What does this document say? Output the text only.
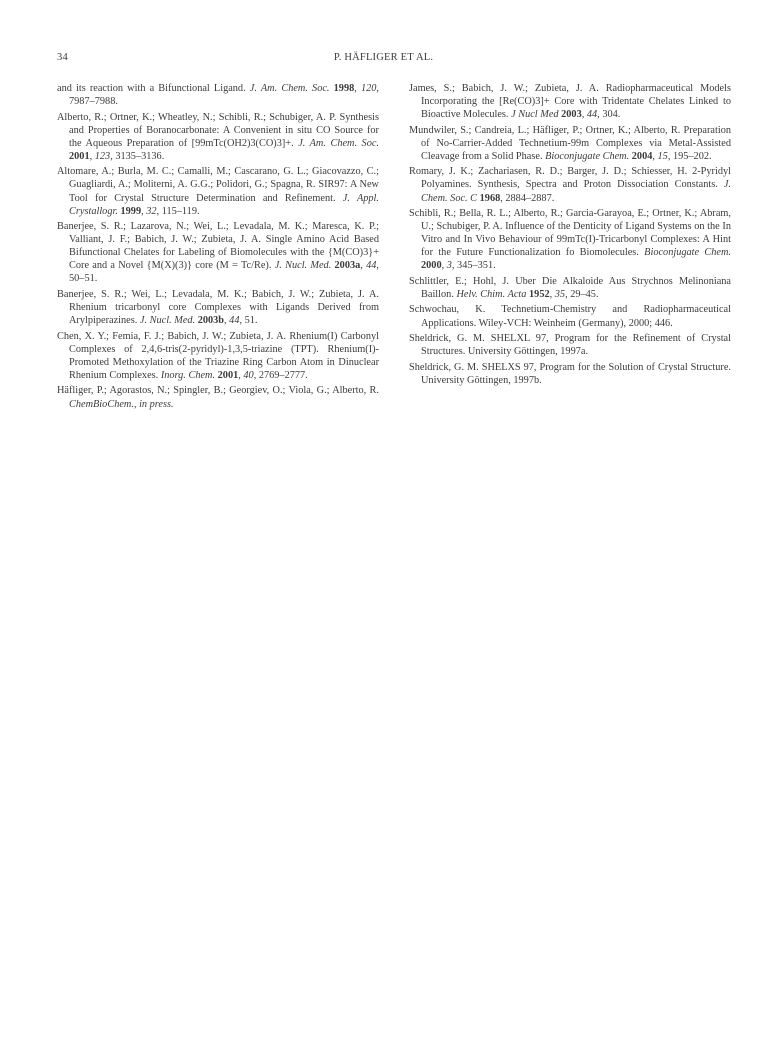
34	P. HÄFLIGER ET AL.

and its reaction with a Bifunctional Ligand. J. Am. Chem. Soc. 1998, 120, 7987–7988.

Alberto, R.; Ortner, K.; Wheatley, N.; Schibli, R.; Schubiger, A. P. Synthesis and Properties of Boranocarbonate: A Convenient in situ CO Source for the Aqueous Preparation of [99mTc(OH2)3(CO)3]+. J. Am. Chem. Soc. 2001, 123, 3135–3136.

Altomare, A.; Burla, M. C.; Camalli, M.; Cascarano, G. L.; Giacovazzo, C.; Guagliardi, A.; Moliterni, A. G.G.; Polidori, G.; Spagna, R. SIR97: A New Tool for Crystal Structure Determination and Refinement. J. Appl. Crystallogr. 1999, 32, 115–119.

Banerjee, S. R.; Lazarova, N.; Wei, L.; Levadala, M. K.; Maresca, K. P.; Valliant, J. F.; Babich, J. W.; Zubieta, J. A. Single Amino Acid Based Bifunctional Chelates for Labeling of Biomolecules with the {M(CO)3}+ Core and a Novel {M(X)(3)} core (M = Tc/Re). J. Nucl. Med. 2003a, 44, 50–51.

Banerjee, S. R.; Wei, L.; Levadala, M. K.; Babich, J. W.; Zubieta, J. A. Rhenium tricarbonyl core Complexes with Ligands Derived from Arylpiperazines. J. Nucl. Med. 2003b, 44, 51.

Chen, X. Y.; Femia, F. J.; Babich, J. W.; Zubieta, J. A. Rhenium(I) Carbonyl Complexes of 2,4,6-tris(2-pyridyl)-1,3,5-triazine (TPT). Rhenium(I)-Promoted Methoxylation of the Triazine Ring Carbon Atom in Dinuclear Rhenium Complexes. Inorg. Chem. 2001, 40, 2769–2777.

Häfliger, P.; Agorastos, N.; Spingler, B.; Georgiev, O.; Viola, G.; Alberto, R. ChemBioChem., in press.

James, S.; Babich, J. W.; Zubieta, J. A. Radiopharmaceutical Models Incorporating the [Re(CO)3]+ Core with Tridentate Chelates Linked to Bioactive Molecules. J Nucl Med 2003, 44, 304.

Mundwiler, S.; Candreia, L.; Häfliger, P.; Ortner, K.; Alberto, R. Preparation of No-Carrier-Added Technetium-99m Complexes via Metal-Assisted Cleavage from a Solid Phase. Bioconjugate Chem. 2004, 15, 195–202.

Romary, J. K.; Zachariasen, R. D.; Barger, J. D.; Schiesser, H. 2-Pyridyl Polyamines. Synthesis, Spectra and Proton Dissociation Constants. J. Chem. Soc. C 1968, 2884–2887.

Schibli, R.; Bella, R. L.; Alberto, R.; Garcia-Garayoa, E.; Ortner, K.; Abram, U.; Schubiger, P. A. Influence of the Denticity of Ligand Systems on the In Vitro and In Vivo Behaviour of 99mTc(I)-Tricarbonyl Complexes: A Hint for the Future Functionalization fo Biomolecules. Bioconjugate Chem. 2000, 3, 345–351.

Schlittler, E.; Hohl, J. Uber Die Alkaloide Aus Strychnos Melinoniana Baillon. Helv. Chim. Acta 1952, 35, 29–45.

Schwochau, K. Technetium-Chemistry and Radiopharmaceutical Applications. Wiley-VCH: Weinheim (Germany), 2000; 446.

Sheldrick, G. M. SHELXL 97, Program for the Refinement of Crystal Structures. University Göttingen, 1997a.

Sheldrick, G. M. SHELXS 97, Program for the Solution of Crystal Structure. University Göttingen, 1997b.
